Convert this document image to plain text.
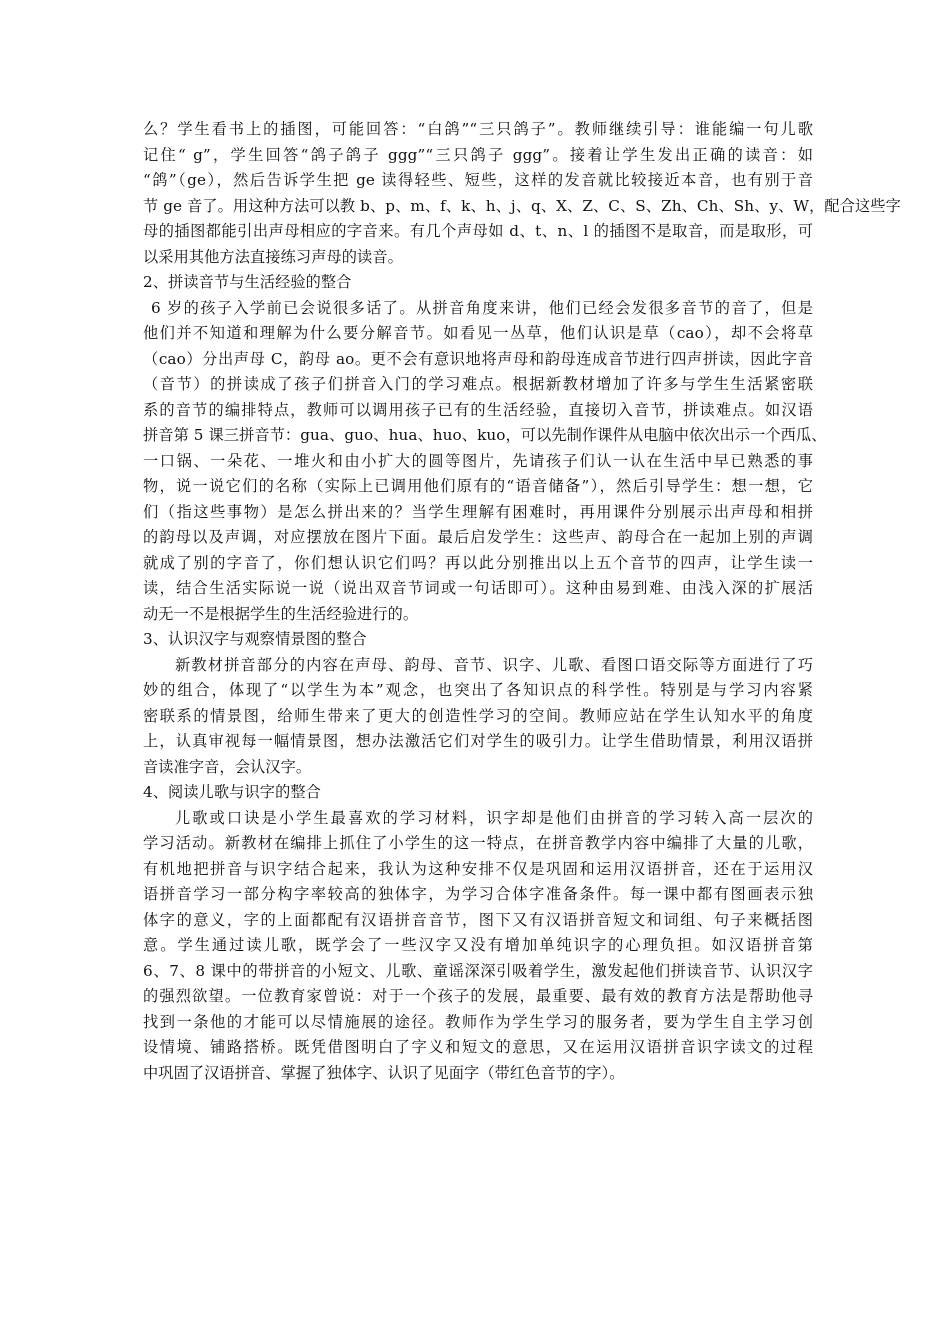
么？学生看书上的插图，可能回答：“白鸽”“三只鸽子”。教师继续引导：谁能编一句儿歌
记住“ g”，学生回答“鸽子鸽子 ggg”“三只鸽子 ggg”。接着让学生发出正确的读音：如
“鸽”（ge），然后告诉学生把 ge 读得轻些、短些，这样的发音就比较接近本音，也有别于音
节 ge 音了。用这种方法可以教 b、p、m、f、k、h、j、q、X、Z、C、S、Zh、Ch、Sh、y、W，配合这些字
母的插图都能引出声母相应的字音来。有几个声母如 d、t、n、l 的插图不是取音，而是取形，可
以采用其他方法直接练习声母的读音。
2、拼读音节与生活经验的整合
6 岁的孩子入学前已会说很多话了。从拼音角度来讲，他们已经会发很多音节的音了，但是
他们并不知道和理解为什么要分解音节。如看见一丛草，他们认识是草（cao），却不会将草
（cao）分出声母 C，韵母 ao。更不会有意识地将声母和韵母连成音节进行四声拼读，因此字音
（音节）的拼读成了孩子们拼音入门的学习难点。根据新教材增加了许多与学生生活紧密联
系的音节的编排特点，教师可以调用孩子已有的生活经验，直接切入音节，拼读难点。如汉语
拼音第 5 课三拼音节：gua、guo、hua、huo、kuo，可以先制作课件从电脑中依次出示一个西瓜、
一口锅、一朵花、一堆火和由小扩大的圆等图片，先请孩子们认一认在生活中早已熟悉的事
物，说一说它们的名称（实际上已调用他们原有的“语音储备”），然后引导学生：想一想，它
们（指这些事物）是怎么拼出来的？当学生理解有困难时，再用课件分别展示出声母和相拼
的韵母以及声调，对应摆放在图片下面。最后启发学生：这些声、韵母合在一起加上别的声调
就成了别的字音了，你们想认识它们吗？再以此分别推出以上五个音节的四声，让学生读一
读，结合生活实际说一说（说出双音节词或一句话即可）。这种由易到难、由浅入深的扩展活
动无一不是根据学生的生活经验进行的。
3、认识汉字与观察情景图的整合
新教材拼音部分的内容在声母、韵母、音节、识字、儿歌、看图口语交际等方面进行了巧
妙的组合，体现了“以学生为本”观念，也突出了各知识点的科学性。特别是与学习内容紧
密联系的情景图，给师生带来了更大的创造性学习的空间。教师应站在学生认知水平的角度
上，认真审视每一幅情景图，想办法激活它们对学生的吸引力。让学生借助情景，利用汉语拼
音读准字音，会认汉字。
4、阅读儿歌与识字的整合
儿歌或口诀是小学生最喜欢的学习材料，识字却是他们由拼音的学习转入高一层次的
学习活动。新教材在编排上抓住了小学生的这一特点，在拼音教学内容中编排了大量的儿歌，
有机地把拼音与识字结合起来，我认为这种安排不仅是巩固和运用汉语拼音，还在于运用汉
语拼音学习一部分构字率较高的独体字，为学习合体字准备条件。每一课中都有图画表示独
体字的意义，字的上面都配有汉语拼音音节，图下又有汉语拼音短文和词组、句子来概括图
意。学生通过读儿歌，既学会了一些汉字又没有增加单纯识字的心理负担。如汉语拼音第
6、7、8 课中的带拼音的小短文、儿歌、童谣深深引吸着学生，激发起他们拼读音节、认识汉字
的强烈欲望。一位教育家曾说：对于一个孩子的发展，最重要、最有效的教育方法是帮助他寻
找到一条他的才能可以尽情施展的途径。教师作为学生学习的服务者，要为学生自主学习创
设情境、铺路搭桥。既凭借图明白了字义和短文的意思，又在运用汉语拼音识字读文的过程
中巩固了汉语拼音、掌握了独体字、认识了见面字（带红色音节的字）。
